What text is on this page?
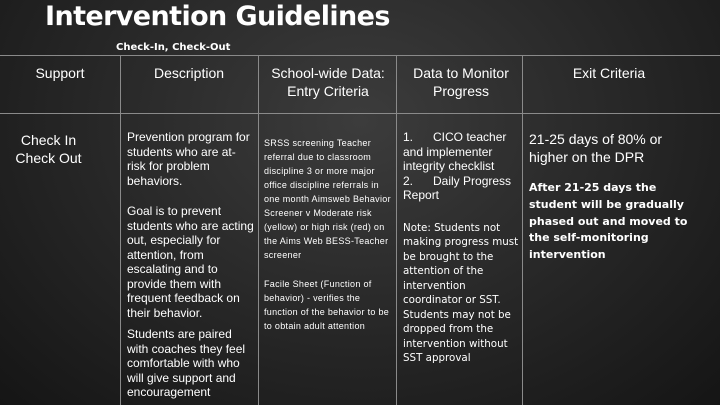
Intervention Guidelines
Check-In, Check-Out
Support	Description	School-wide Data: Entry Criteria
Data to Monitor Progress
Exit Criteria
Check In Check Out

Prevention program for students who are at-risk for problem behaviors.

Goal is to prevent students who are acting out, especially for attention, from escalating and to provide them with frequent feedback on their behavior.

Students are paired with coaches they feel comfortable with who will give support and encouragement

SRSS screening Teacher referral due to classroom discipline 3 or more major office discipline referrals in one month Aimsweb Behavior Screener v Moderate risk (yellow) or high risk (red) on the Aims Web BESS-Teacher screener

Facile Sheet (Function of behavior) - verifies the function of the behavior to be to obtain adult attention

1.      CICO teacher and implementer integrity checklist

2.      Daily Progress Report

Note: Students not making progress must be brought to the attention of the intervention coordinator or SST. Students may not be dropped from the intervention without SST approval

21-25 days of 80% or higher on the DPR

After 21-25 days the student will be gradually phased out and moved to the self-monitoring intervention
